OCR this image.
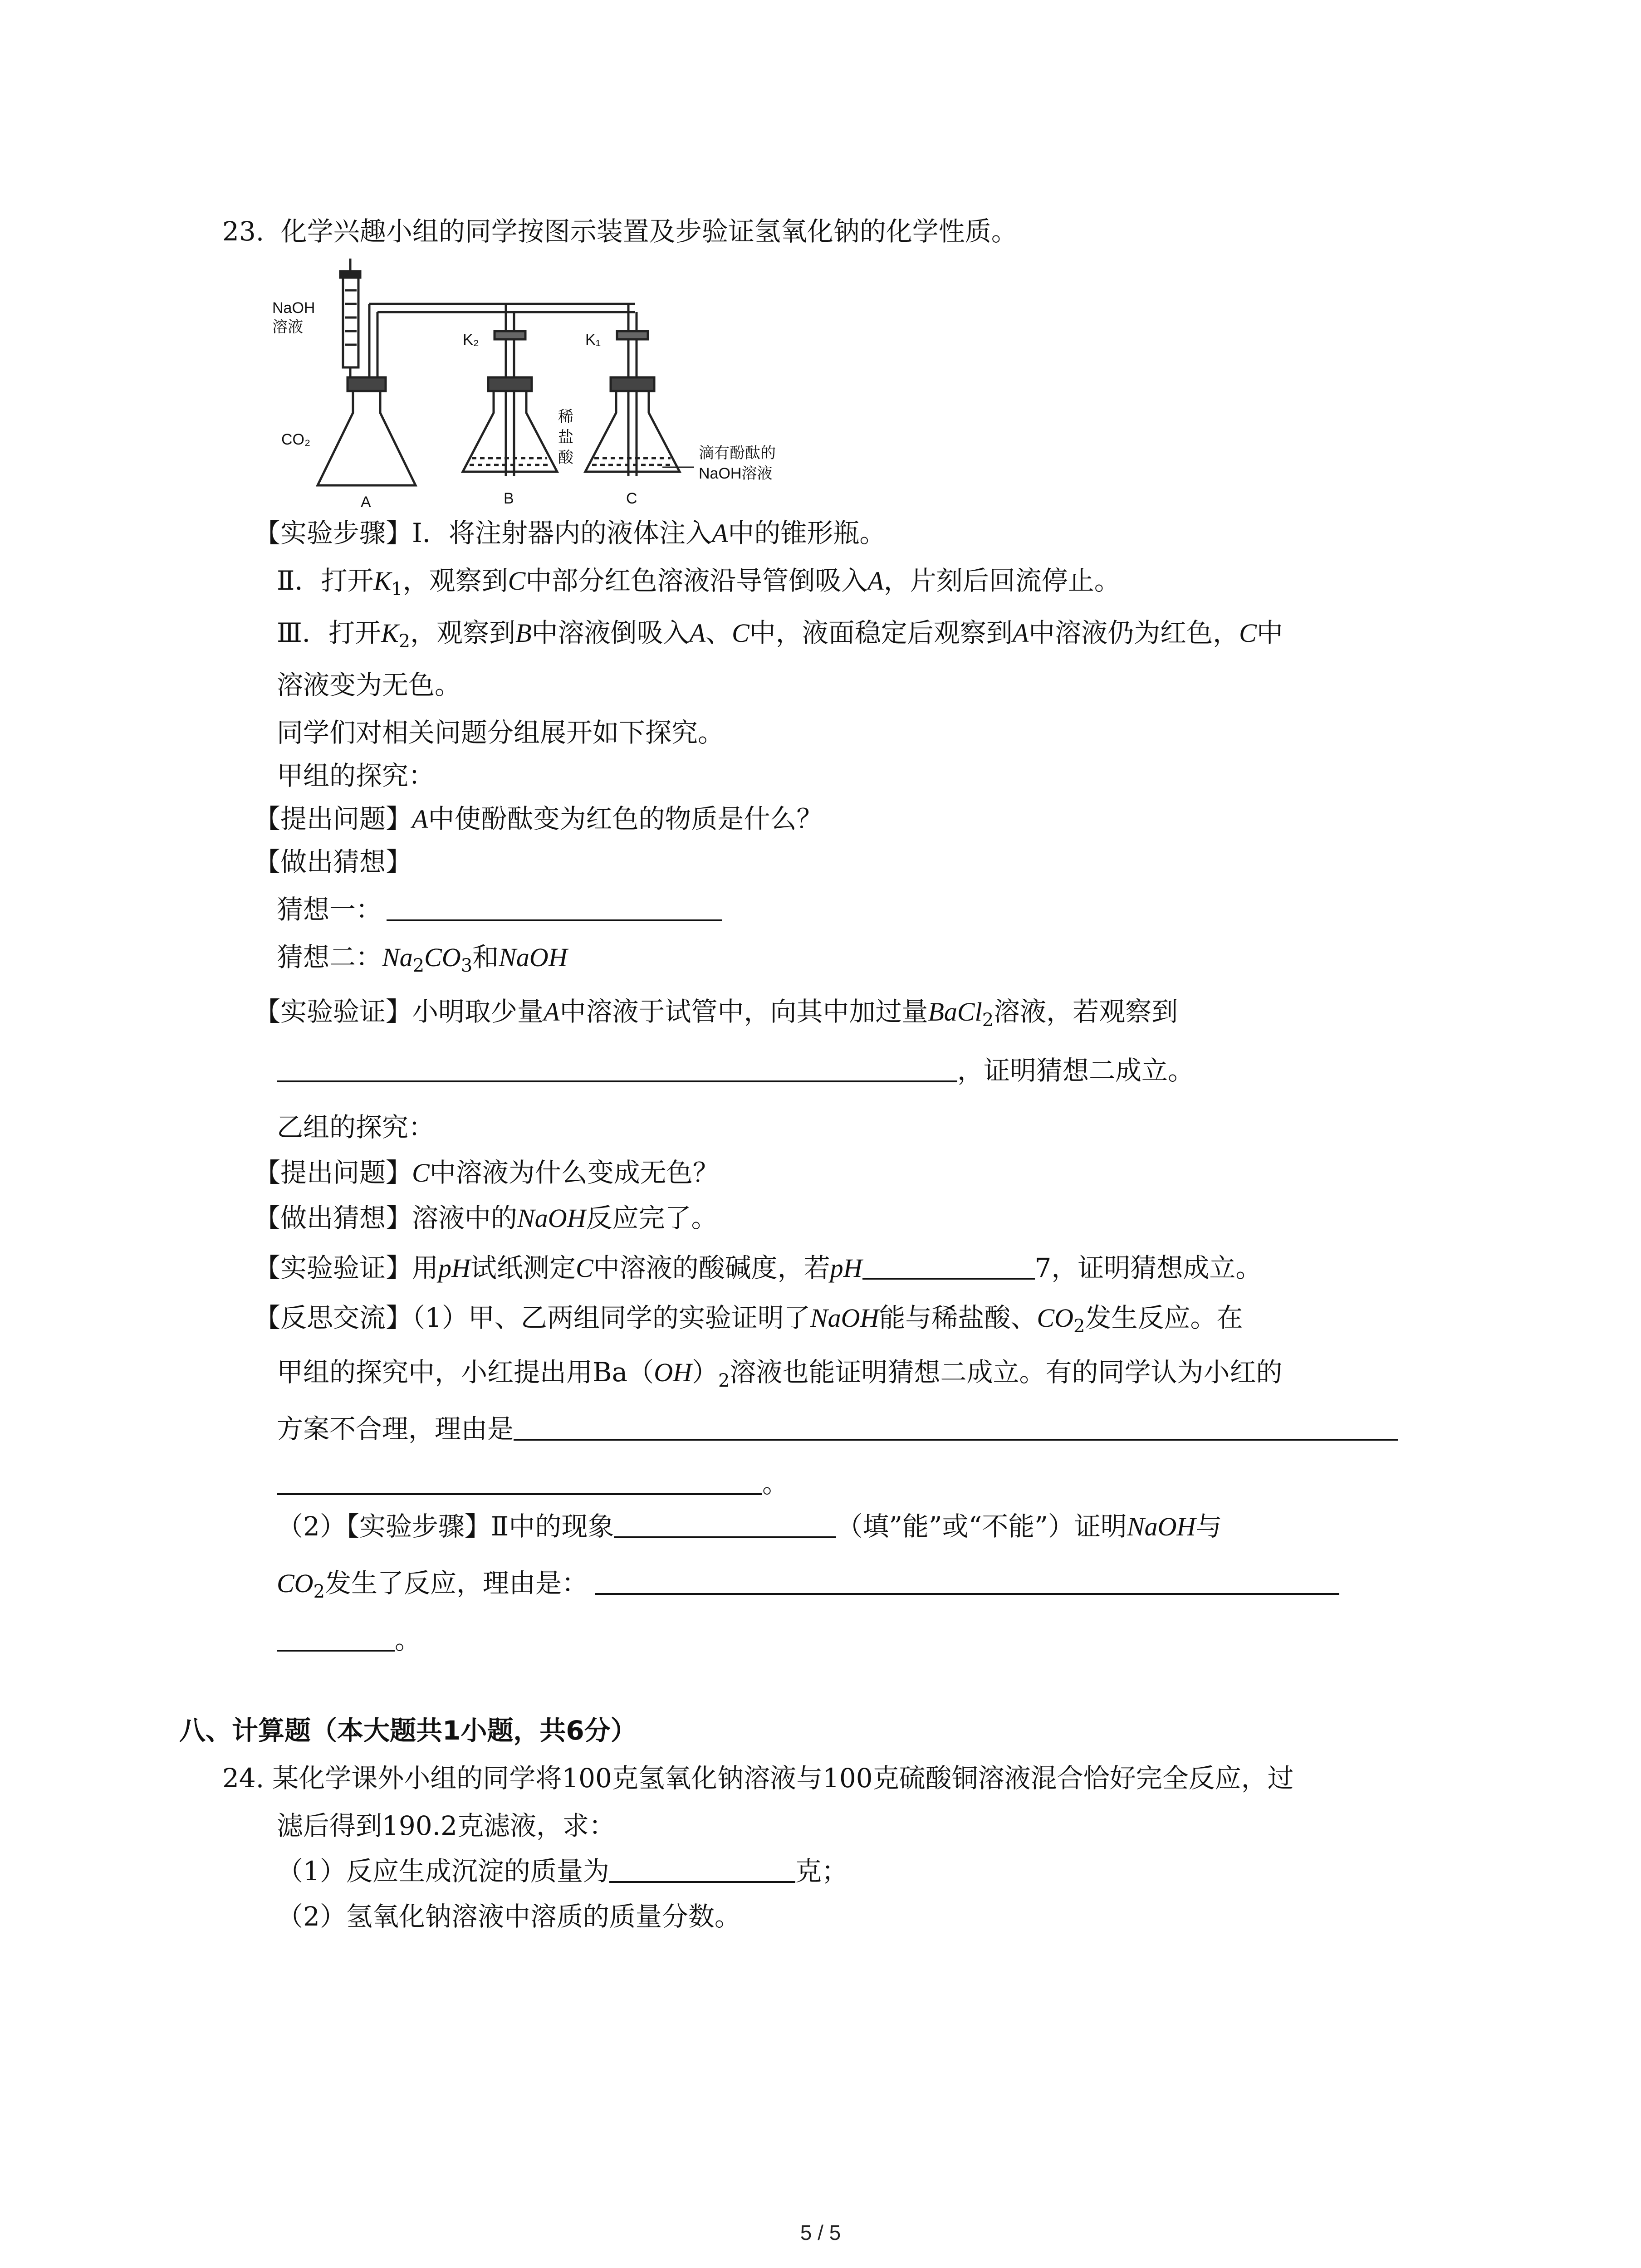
23. 化学兴趣小组的同学按图示装置及步验证氢氧化钠的化学性质。
NaOH
溶液
K₂	K₁
CO₂
稀
盐
酸	滴有酚酞的
NaOH溶液
A	B	C
【实验步骤】Ⅰ．将注射器内的液体注入A中的锥形瓶。
Ⅱ．打开$K_1$，观察到C中部分红色溶液沿导管倒吸入A，片刻后回流停止。
Ⅲ．打开$K_2$，观察到B中溶液倒吸入A、C中，液面稳定后观察到A中溶液仍为红色，C中
溶液变为无色。
同学们对相关问题分组展开如下探究。
甲组的探究：
【提出问题】A中使酚酞变为红色的物质是什么？
【做出猜想】
猜想一：
猜想二：$Na_2CO_3$和NaOH
【实验验证】小明取少量A中溶液于试管中，向其中加过量BaCl$_2$溶液，若观察到
，证明猜想二成立。
乙组的探究：
【提出问题】C中溶液为什么变成无色？
【做出猜想】溶液中的NaOH反应完了。
【实验验证】用pH试纸测定C中溶液的酸碱度，若pH	7，证明猜想成立。
【反思交流】（1）甲、乙两组同学的实验证明了NaOH能与稀盐酸、$CO_2$发生反应。在
甲组的探究中，小红提出用$Ba(OH)_2$溶液也能证明猜想二成立。有的同学认为小红的
方案不合理，理由是
。
（2）【实验步骤】Ⅱ中的现象	（填”能”或“不能”）证明NaOH与
$CO_2$发生了反应，理由是：
。
八、计算题（本大题共1小题，共6分）
24. 某化学课外小组的同学将100克氢氧化钠溶液与100克硫酸铜溶液混合恰好完全反应，过
滤后得到190.2克滤液，求：
（1）反应生成沉淀的质量为	克；
（2）氢氧化钠溶液中溶质的质量分数。
5 / 5
